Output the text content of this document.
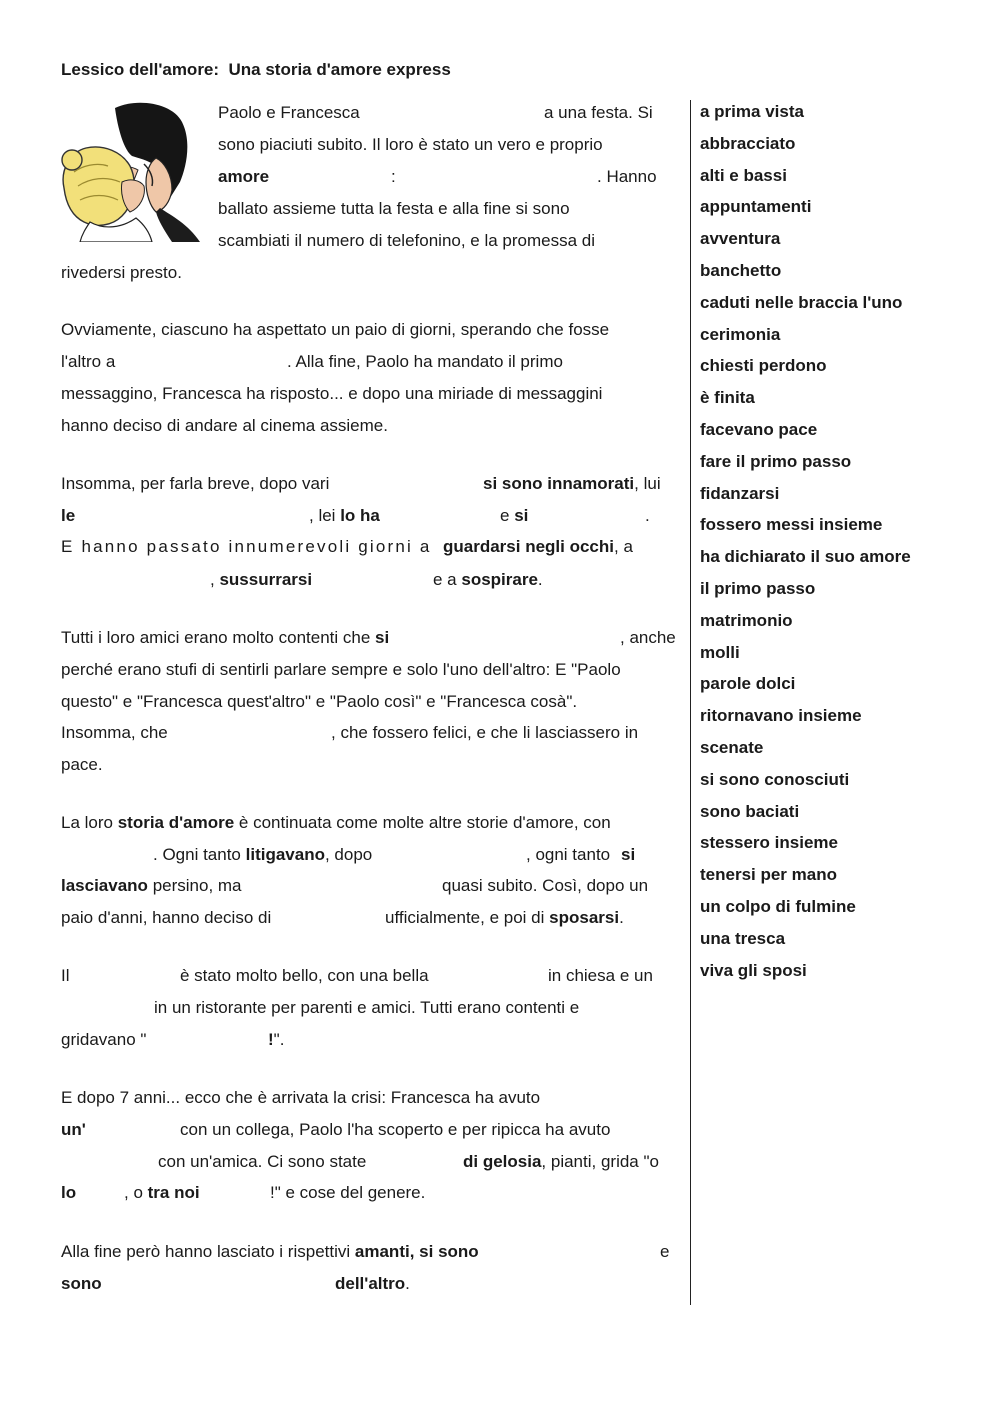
Lessico dell'amore:  Una storia d'amore express
Paolo e Francesca	a una festa. Si
sono piaciuti subito. Il loro è stato un vero e proprio
amore	:	. Hanno
ballato assieme tutta la festa e alla fine si sono
scambiati il numero di telefonino, e la promessa di
rivedersi presto.
Ovviamente, ciascuno ha aspettato un paio di giorni, sperando che fosse
l'altro a	. Alla fine, Paolo ha mandato il primo
messaggino, Francesca ha risposto... e dopo una miriade di messaggini
hanno deciso di andare al cinema assieme.
Insomma, per farla breve, dopo vari	si sono innamorati, lui
le	, lei lo ha	e si	.
E hanno passato innumerevoli giorni a guardarsi negli occhi, a
, sussurrarsi	e a sospirare.
Tutti i loro amici erano molto contenti che si	, anche
perché erano stufi di sentirli parlare sempre e solo l'uno dell'altro: E "Paolo
questo" e "Francesca quest'altro" e "Paolo così" e "Francesca cosà".
Insomma, che	, che fossero felici, e che li lasciassero in
pace.
La loro storia d'amore è continuata come molte altre storie d'amore, con
. Ogni tanto litigavano, dopo	, ogni tanto si
lasciavano persino, ma	quasi subito. Così, dopo un
paio d'anni, hanno deciso di	ufficialmente, e poi di sposarsi.
Il	è stato molto bello, con una bella	in chiesa e un
in un ristorante per parenti e amici. Tutti erano contenti e
gridavano "	!".
E dopo 7 anni... ecco che è arrivata la crisi: Francesca ha avuto
un'	con un collega, Paolo l'ha scoperto e per ripicca ha avuto
con un'amica. Ci sono state	di gelosia, pianti, grida "o
lo	, o tra noi	!" e cose del genere.
Alla fine però hanno lasciato i rispettivi amanti, si sono	e
sono	dell'altro.
a prima vista
abbracciato
alti e bassi
appuntamenti
avventura
banchetto
caduti nelle braccia l'uno
cerimonia
chiesti perdono
è finita
facevano pace
fare il primo passo
fidanzarsi
fossero messi insieme
ha dichiarato il suo amore
il primo passo
matrimonio
molli
parole dolci
ritornavano insieme
scenate
si sono conosciuti
sono baciati
stessero insieme
tenersi per mano
un colpo di fulmine
una tresca
viva gli sposi
